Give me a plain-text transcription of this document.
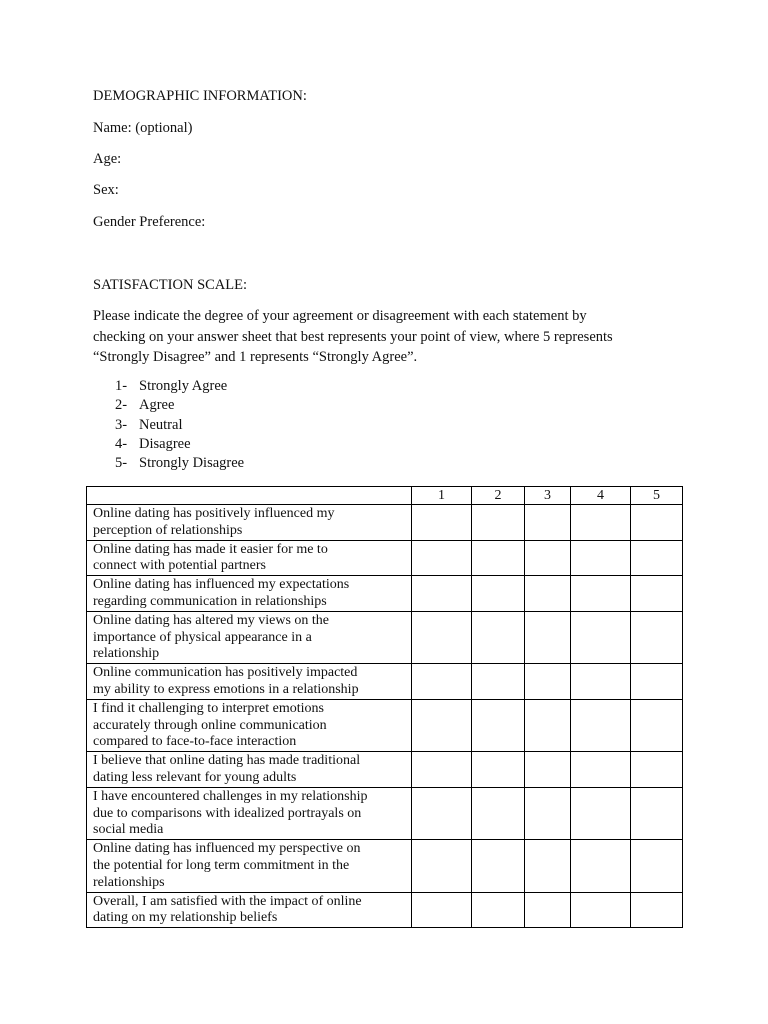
DEMOGRAPHIC INFORMATION:
Name: (optional)
Age:
Sex:
Gender Preference:
SATISFACTION SCALE:
Please indicate the degree of your agreement or disagreement with each statement by
checking on your answer sheet that best represents your point of view, where 5 represents
“Strongly Disagree” and 1 represents “Strongly Agree”.
1- Strongly Agree
2- Agree
3- Neutral
4- Disagree
5- Strongly Disagree
	1	2	3	4	5

Online dating has positively influenced my
perception of relationships					

Online dating has made it easier for me to
connect with potential partners					

Online dating has influenced my expectations
regarding communication in relationships					

Online dating has altered my views on the
importance of physical appearance in a
relationship					

Online communication has positively impacted
my ability to express emotions in a relationship					

I find it challenging to interpret emotions
accurately through online communication
compared to face-to-face interaction					

I believe that online dating has made traditional
dating less relevant for young adults					

I have encountered challenges in my relationship
due to comparisons with idealized portrayals on
social media					

Online dating has influenced my perspective on
the potential for long term commitment in the
relationships					

Overall, I am satisfied with the impact of online
dating on my relationship beliefs					
